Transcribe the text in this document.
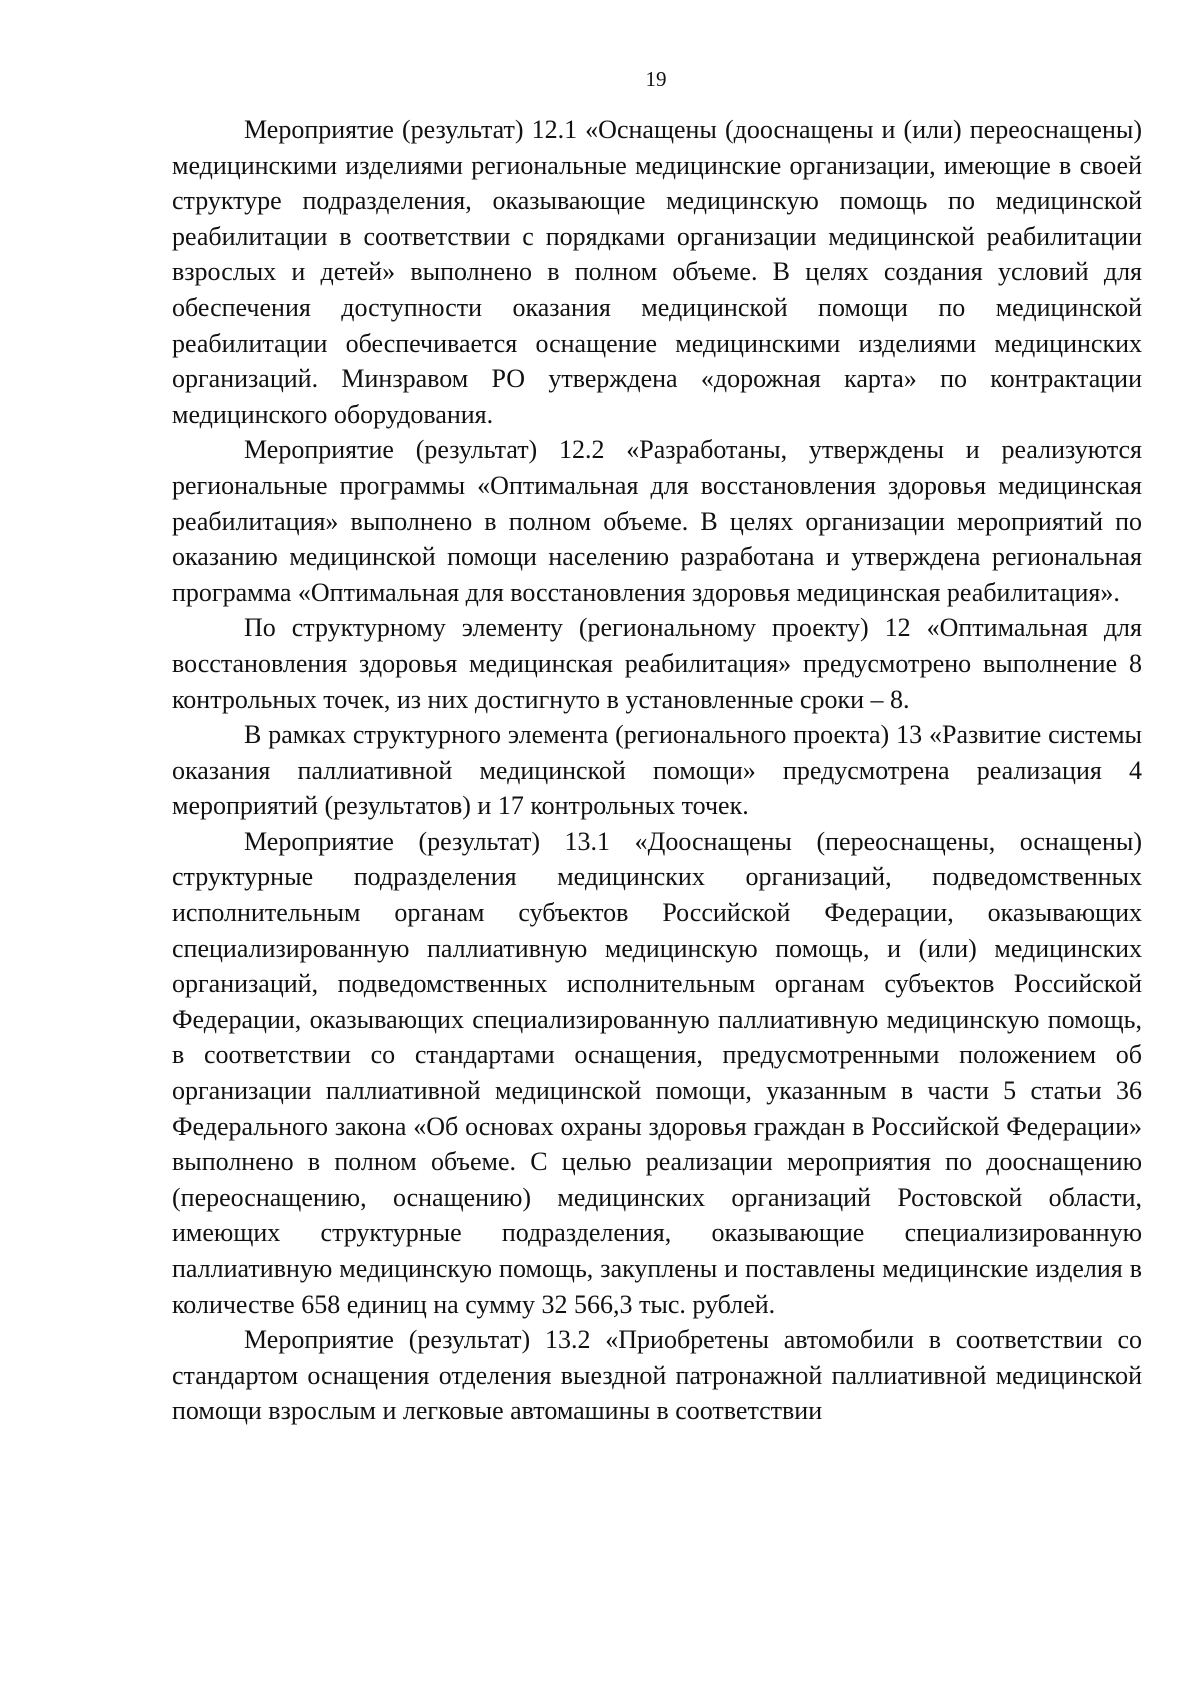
19

Мероприятие (результат) 12.1 «Оснащены (дооснащены и (или) переоснащены) медицинскими изделиями региональные медицинские организации, имеющие в своей структуре подразделения, оказывающие медицинскую помощь по медицинской реабилитации в соответствии с порядками организации медицинской реабилитации взрослых и детей» выполнено в полном объеме. В целях создания условий для обеспечения доступности оказания медицинской помощи по медицинской реабилитации обеспечивается оснащение медицинскими изделиями медицинских организаций. Минзравом РО утверждена «дорожная карта» по контрактации медицинского оборудования.

Мероприятие (результат) 12.2 «Разработаны, утверждены и реализуются региональные программы «Оптимальная для восстановления здоровья медицинская реабилитация» выполнено в полном объеме. В целях организации мероприятий по оказанию медицинской помощи населению разработана и утверждена региональная программа «Оптимальная для восстановления здоровья медицинская реабилитация».

По структурному элементу (региональному проекту) 12 «Оптимальная для восстановления здоровья медицинская реабилитация» предусмотрено выполнение 8 контрольных точек, из них достигнуто в установленные сроки – 8.

В рамках структурного элемента (регионального проекта) 13 «Развитие системы оказания паллиативной медицинской помощи» предусмотрена реализация 4 мероприятий (результатов) и 17 контрольных точек.

Мероприятие (результат) 13.1 «Дооснащены (переоснащены, оснащены) структурные подразделения медицинских организаций, подведомственных исполнительным органам субъектов Российской Федерации, оказывающих специализированную паллиативную медицинскую помощь, и (или) медицинских организаций, подведомственных исполнительным органам субъектов Российской Федерации, оказывающих специализированную паллиативную медицинскую помощь, в соответствии со стандартами оснащения, предусмотренными положением об организации паллиативной медицинской помощи, указанным в части 5 статьи 36 Федерального закона «Об основах охраны здоровья граждан в Российской Федерации» выполнено в полном объеме. С целью реализации мероприятия по дооснащению (переоснащению, оснащению) медицинских организаций Ростовской области, имеющих структурные подразделения, оказывающие специализированную паллиативную медицинскую помощь, закуплены и поставлены медицинские изделия в количестве 658 единиц на сумму 32 566,3 тыс. рублей.

Мероприятие (результат) 13.2 «Приобретены автомобили в соответствии со стандартом оснащения отделения выездной патронажной паллиативной медицинской помощи взрослым и легковые автомашины в соответствии
